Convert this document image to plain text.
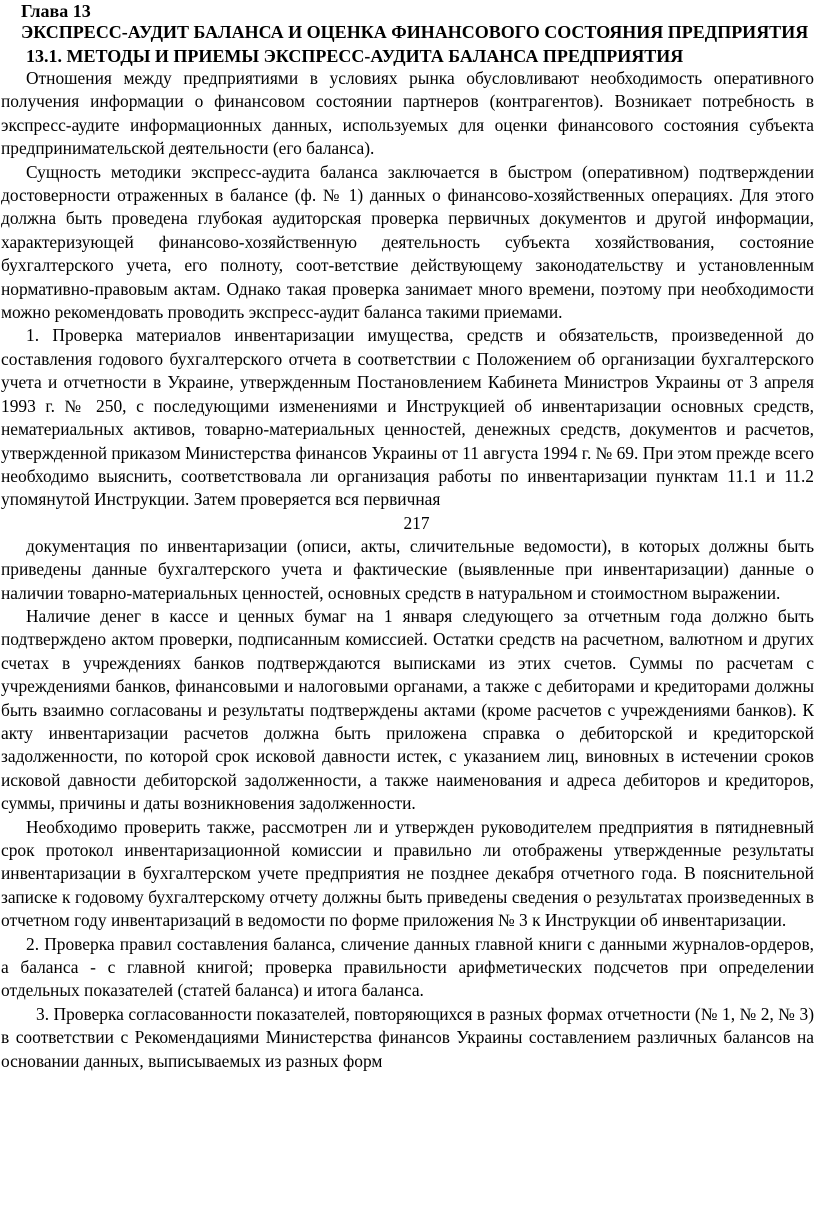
Глава 13
ЭКСПРЕСС-АУДИТ БАЛАНСА И ОЦЕНКА ФИНАНСОВОГО СОСТОЯНИЯ ПРЕДПРИЯТИЯ
13.1. МЕТОДЫ И ПРИЕМЫ ЭКСПРЕСС-АУДИТА БАЛАНСА ПРЕДПРИЯТИЯ

Отношения между предприятиями в условиях рынка обусловливают необходимость оперативного получения информации о финансовом состоянии партнеров (контрагентов). Возникает потребность в экспресс-аудите информационных данных, используемых для оценки финансового состояния субъекта предпринимательской деятельности (его баланса).

Сущность методики экспресс-аудита баланса заключается в быстром (оперативном) подтверждении достоверности отраженных в балансе (ф. № 1) данных о финансово-хозяйственных операциях. Для этого должна быть проведена глубокая аудиторская проверка первичных документов и другой информации, характеризующей финансово-хозяйственную деятельность субъекта хозяйствования, состояние бухгалтерского учета, его полноту, соот-ветствие действующему законодательству и установленным нормативно-правовым актам. Однако такая проверка занимает много времени, поэтому при необходимости можно рекомендовать проводить экспресс-аудит баланса такими приемами.

1. Проверка материалов инвентаризации имущества, средств и обязательств, произведенной до составления годового бухгалтерского отчета в соответствии с Положением об организации бухгалтерского учета и отчетности в Украине, утвержденным Постановлением Кабинета Министров Украины от 3 апреля 1993 г. № 250, с последующими изменениями и Инструкцией об инвентаризации основных средств, нематериальных активов, товарно-материальных ценностей, денежных средств, документов и расчетов, утвержденной приказом Министерства финансов Украины от 11 августа 1994 г. № 69. При этом прежде всего необходимо выяснить, соответствовала ли организация работы по инвентаризации пунктам 11.1 и 11.2 упомянутой Инструкции. Затем проверяется вся первичная

217

документация по инвентаризации (описи, акты, сличительные ведомости), в которых должны быть приведены данные бухгалтерского учета и фактические (выявленные при инвентаризации) данные о наличии товарно-материальных ценностей, основных средств в натуральном и стоимостном выражении.

Наличие денег в кассе и ценных бумаг на 1 января следующего за отчетным года должно быть подтверждено актом проверки, подписанным комиссией. Остатки средств на расчетном, валютном и других счетах в учреждениях банков подтверждаются выписками из этих счетов. Суммы по расчетам с учреждениями банков, финансовыми и налоговыми органами, а также с дебиторами и кредиторами должны быть взаимно согласованы и результаты подтверждены актами (кроме расчетов с учреждениями банков). К акту инвентаризации расчетов должна быть приложена справка о дебиторской и кредиторской задолженности, по которой срок исковой давности истек, с указанием лиц, виновных в истечении сроков исковой давности дебиторской задолженности, а также наименования и адреса дебиторов и кредиторов, суммы, причины и даты возникновения задолженности.

Необходимо проверить также, рассмотрен ли и утвержден руководителем предприятия в пятидневный срок протокол инвентаризационной комиссии и правильно ли отображены утвержденные результаты инвентаризации в бухгалтерском учете предприятия не позднее декабря отчетного года. В пояснительной записке к годовому бухгалтерскому отчету должны быть приведены сведения о результатах произведенных в отчетном году инвентаризаций в ведомости по форме приложения № 3 к Инструкции об инвентаризации.

2. Проверка правил составления баланса, сличение данных главной книги с данными журналов-ордеров, а баланса - с главной книгой; проверка правильности арифметических подсчетов при определении отдельных показателей (статей баланса) и итога баланса.

3. Проверка согласованности показателей, повторяющихся в разных формах отчетности (№ 1, № 2, № 3) в соответствии с Рекомендациями Министерства финансов Украины составлением различных балансов на основании данных, выписываемых из разных форм
